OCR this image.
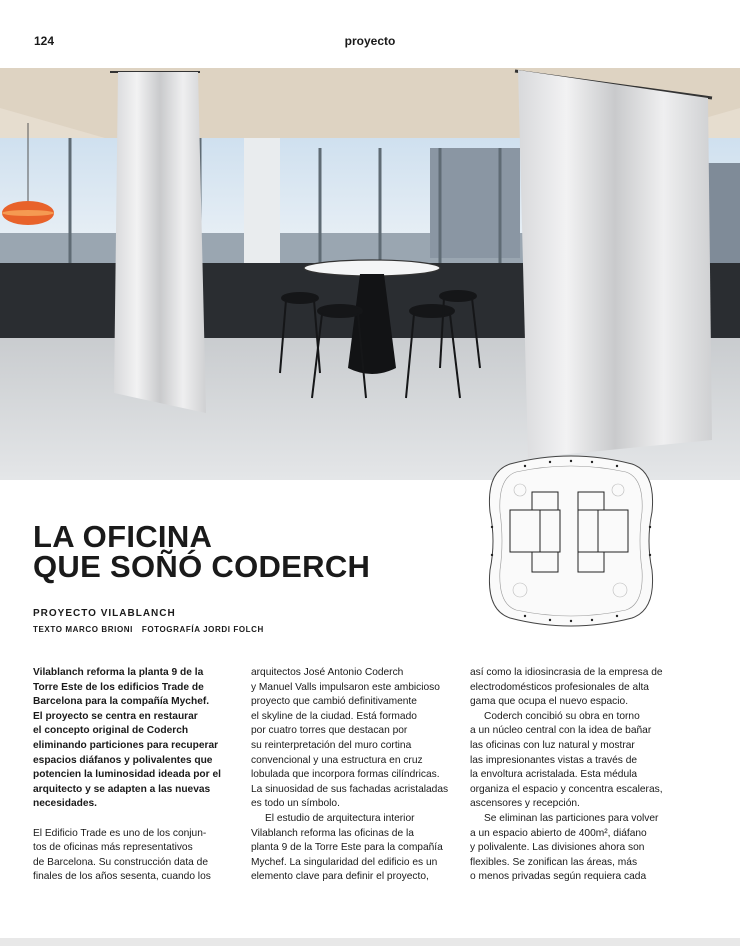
124	proyecto
LA OFICINA
QUE SOÑÓ CODERCH
PROYECTO VILABLANCH
TEXTO MARCO BRIONI FOTOGRAFÍA JORDI FOLCH

Vilablanch reforma la planta 9 de la

Torre Este de los edificios Trade de

Barcelona para la compañía Mychef.

El proyecto se centra en restaurar

el concepto original de Coderch

eliminando particiones para recuperar

espacios diáfanos y polivalentes que

potencien la luminosidad ideada por el

arquitecto y se adapten a las nuevas

necesidades.

El Edificio Trade es uno de los conjun-

tos de oficinas más representativos

de Barcelona. Su construcción data de

finales de los años sesenta, cuando los

arquitectos José Antonio Coderch

y Manuel Valls impulsaron este ambicioso

proyecto que cambió definitivamente

el skyline de la ciudad. Está formado

por cuatro torres que destacan por

su reinterpretación del muro cortina

convencional y una estructura en cruz

lobulada que incorpora formas cilíndricas.

La sinuosidad de sus fachadas acristaladas

es todo un símbolo.

El estudio de arquitectura interior

Vilablanch reforma las oficinas de la

planta 9 de la Torre Este para la compañía

Mychef. La singularidad del edificio es un

elemento clave para definir el proyecto,

así como la idiosincrasia de la empresa de

electrodomésticos profesionales de alta

gama que ocupa el nuevo espacio.

Coderch concibió su obra en torno

a un núcleo central con la idea de bañar

las oficinas con luz natural y mostrar

las impresionantes vistas a través de

la envoltura acristalada. Esta médula

organiza el espacio y concentra escaleras,

ascensores y recepción.

Se eliminan las particiones para volver

a un espacio abierto de 400m², diáfano

y polivalente. Las divisiones ahora son

flexibles. Se zonifican las áreas, más

o menos privadas según requiera cada
